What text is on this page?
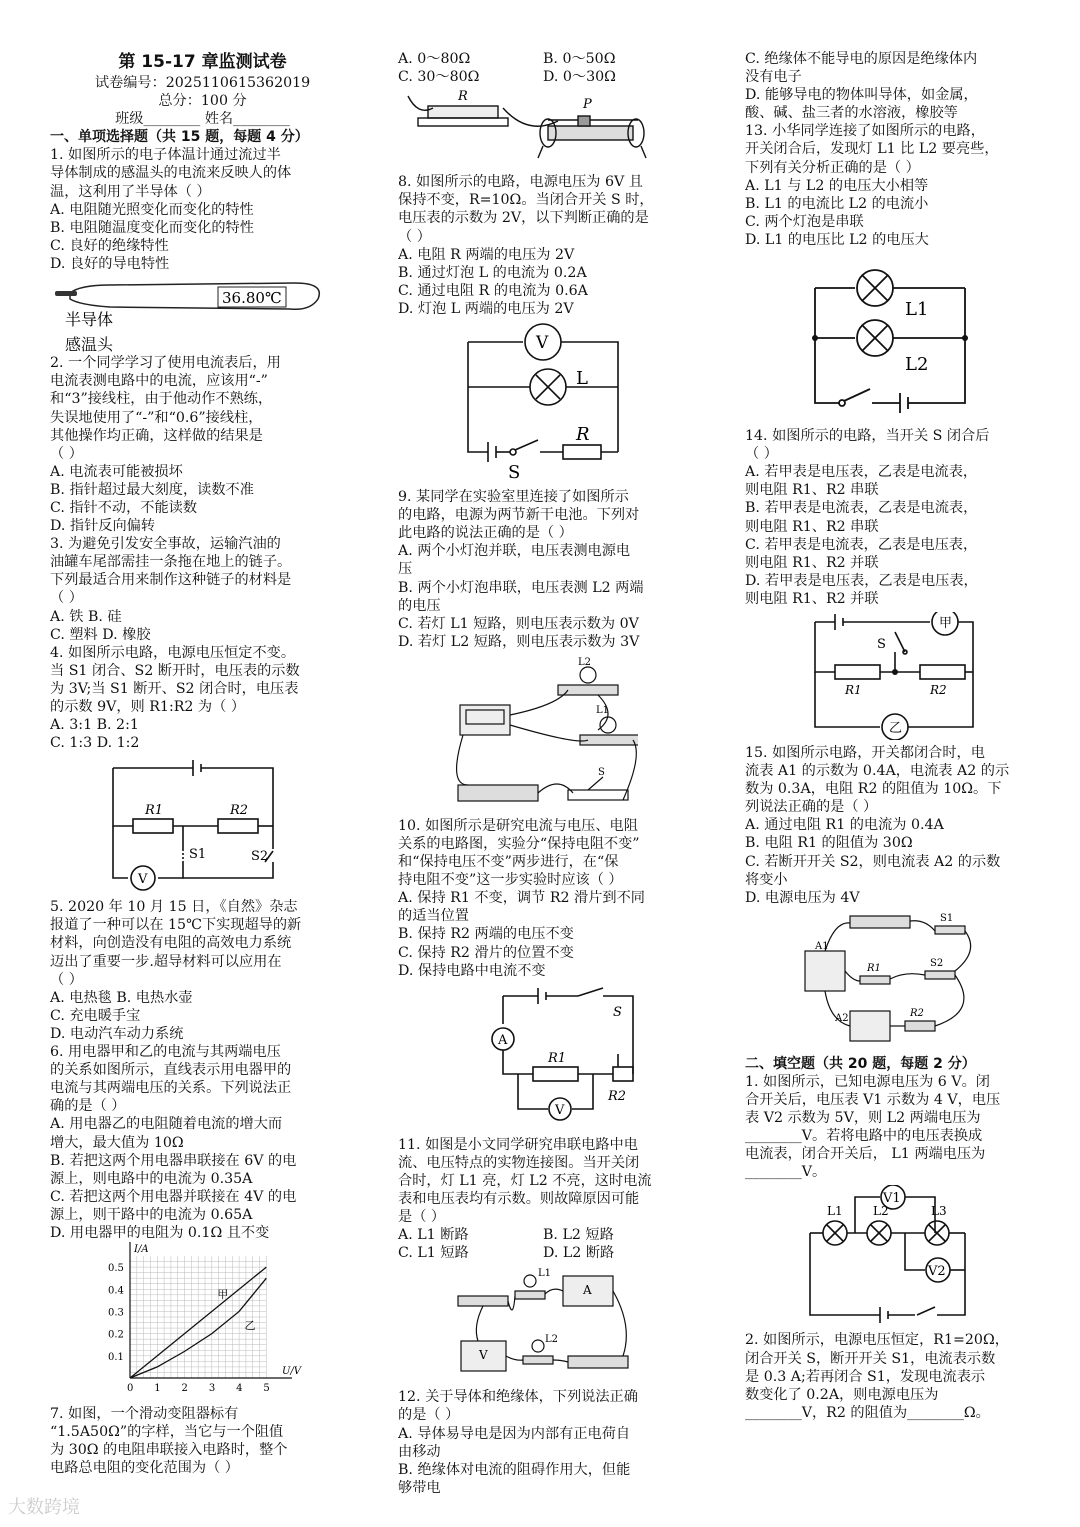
第 15-17 章监测试卷
试卷编号：2025110615362019
总分：100 分
班级________ 姓名________
一、单项选择题（共 15 题，每题 4 分）
1. 如图所示的电子体温计通过流过半
导体制成的感温头的电流来反映人的体
温，这利用了半导体（ ）
A. 电阻随光照变化而变化的特性
B. 电阻随温度变化而变化的特性
C. 良好的绝缘特性
D. 良好的导电特性
36.80℃
半导体
感温头
2. 一个同学学习了使用电流表后，用
电流表测电路中的电流，应该用“-”
和“3”接线柱，由于他动作不熟练，
失误地使用了“-”和“0.6”接线柱，
其他操作均正确，这样做的结果是
（ ）
A. 电流表可能被损坏
B. 指针超过最大刻度，读数不准
C. 指针不动，不能读数
D. 指针反向偏转
3. 为避免引发安全事故，运输汽油的
油罐车尾部需挂一条拖在地上的链子。
下列最适合用来制作这种链子的材料是
（ ）
A. 铁 B. 硅
C. 塑料 D. 橡胶
4. 如图所示电路，电源电压恒定不变。
当 S1 闭合、S2 断开时，电压表的示数
为 3V;当 S1 断开、S2 闭合时，电压表
的示数 9V，则 R1:R2 为（ ）
A. 3:1 B. 2:1
C. 1:3 D. 1:2
R1	R2
S1	S2
V
5. 2020 年 10 月 15 日，《自然》杂志
报道了一种可以在 15℃下实现超导的新
材料，向创造没有电阻的高效电力系统
迈出了重要一步.超导材料可以应用在
（ ）
A. 电热毯 B. 电热水壶
C. 充电暖手宝
D. 电动汽车动力系统
6. 用电器甲和乙的电流与其两端电压
的关系如图所示，直线表示用电器甲的
电流与其两端电压的关系。下列说法正
确的是（ ）
A. 用电器乙的电阻随着电流的增大而
增大，最大值为 10Ω
B. 若把这两个用电器串联接在 6V 的电
源上，则电路中的电流为 0.35A
C. 若把这两个用电器并联接在 4V 的电
源上，则干路中的电流为 0.65A
D. 用电器甲的电阻为 0.1Ω 且不变
0 1 2 3 4 5
0.1
0.2
0.3
0.4
0.5
U/V
I/A
甲
乙
7. 如图，一个滑动变阻器标有
“1.5A50Ω”的字样，当它与一个阻值
为 30Ω 的电阻串联接入电路时，整个
电路总电阻的变化范围为（ ）
A. 0～80Ω	B. 0～50Ω
C. 30～80Ω	D. 0～30Ω
R
P
8. 如图所示的电路，电源电压为 6V 且
保持不变，R=10Ω。当闭合开关 S 时，
电压表的示数为 2V，以下判断正确的是
（ ）
A. 电阻 R 两端的电压为 2V
B. 通过灯泡 L 的电流为 0.2A
C. 通过电阻 R 的电流为 0.6A
D. 灯泡 L 两端的电压为 2V
V
L
R
S
9. 某同学在实验室里连接了如图所示
的电路，电源为两节新干电池。下列对
此电路的说法正确的是（ ）
A. 两个小灯泡并联，电压表测电源电
压
B. 两个小灯泡串联，电压表测 L2 两端
的电压
C. 若灯 L1 短路，则电压表示数为 0V
D. 若灯 L2 短路，则电压表示数为 3V
L2
L1
S
10. 如图所示是研究电流与电压、电阻
关系的电路图，实验分“保持电阻不变”
和“保持电压不变”两步进行，在“保
持电阻不变”这一步实验时应该（ ）
A. 保持 R1 不变，调节 R2 滑片到不同
的适当位置
B. 保持 R2 两端的电压不变
C. 保持 R2 滑片的位置不变
D. 保持电路中电流不变
A
R1
R2
V
S
11. 如图是小文同学研究串联电路中电
流、电压特点的实物连接图。当开关闭
合时，灯 L1 亮，灯 L2 不亮，这时电流
表和电压表均有示数。则故障原因可能
是（ ）
A. L1 断路	B. L2 短路
C. L1 短路	D. L2 断路
L1
A
V
L2
12. 关于导体和绝缘体，下列说法正确
的是（ ）
A. 导体易导电是因为内部有正电荷自
由移动
B. 绝缘体对电流的阻碍作用大，但能
够带电
C. 绝缘体不能导电的原因是绝缘体内
没有电子
D. 能够导电的物体叫导体，如金属，
酸、碱、盐三者的水溶液，橡胶等
13. 小华同学连接了如图所示的电路，
开关闭合后，发现灯 L1 比 L2 要亮些，
下列有关分析正确的是（ ）
A. L1 与 L2 的电压大小相等
B. L1 的电流比 L2 的电流小
C. 两个灯泡是串联
D. L1 的电压比 L2 的电压大
L1
L2
14. 如图所示的电路，当开关 S 闭合后
（ ）
A. 若甲表是电压表，乙表是电流表，
则电阻 R1、R2 串联
B. 若甲表是电流表，乙表是电流表，
则电阻 R1、R2 串联
C. 若甲表是电流表，乙表是电压表，
则电阻 R1、R2 并联
D. 若甲表是电压表，乙表是电压表，
则电阻 R1、R2 并联
S
甲
乙
R1	R2
15. 如图所示电路，开关都闭合时，电
流表 A1 的示数为 0.4A，电流表 A2 的示
数为 0.3A，电阻 R2 的阻值为 10Ω。下
列说法正确的是（ ）
A. 通过电阻 R1 的电流为 0.4A
B. 电阻 R1 的阻值为 30Ω
C. 若断开开关 S2，则电流表 A2 的示数
将变小
D. 电源电压为 4V
S1
A1
R1	S2
A2	R2
二、填空题（共 20 题，每题 2 分）
1. 如图所示，已知电源电压为 6 V。闭
合开关后，电压表 V1 示数为 4 V，电压
表 V2 示数为 5V，则 L2 两端电压为
________V。若将电路中的电压表换成
电流表，闭合开关后， L1 两端电压为
________V。
V1
V2
L1	L2	L3
2. 如图所示，电源电压恒定，R1=20Ω，
闭合开关 S，断开开关 S1，电流表示数
是 0.3 A;若再闭合 S1，发现电流表示
数变化了 0.2A，则电源电压为
________V，R2 的阻值为________Ω。
大数跨境
